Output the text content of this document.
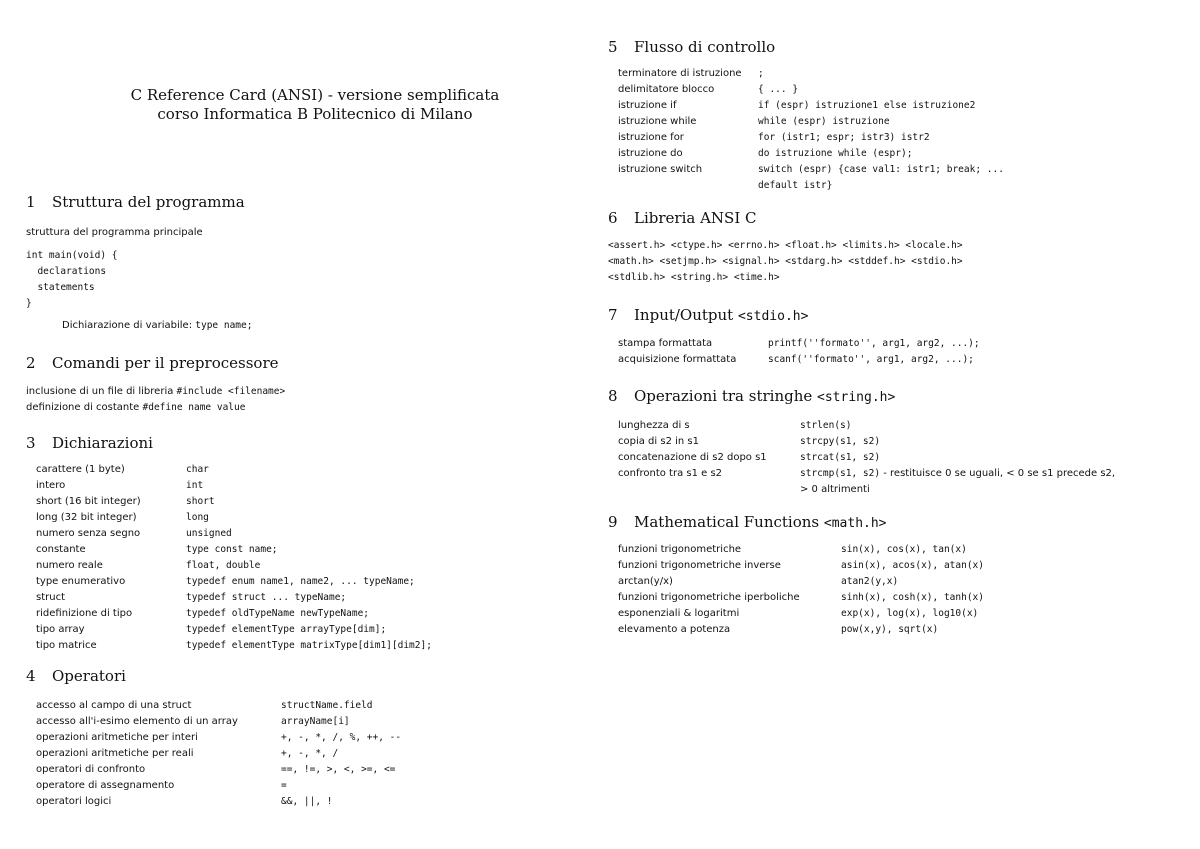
C Reference Card (ANSI) - versione semplificata
corso Informatica B Politecnico di Milano
1 Struttura del programma
struttura del programma principale
int main(void) {
declarations
statements
}
Dichiarazione di variabile: type name;
2 Comandi per il preprocessore
inclusione di un file di libreria #include <filename>
definizione di costante #define name value
3 Dichiarazioni
carattere (1 byte)	char
intero	int
short (16 bit integer)	short
long (32 bit integer)	long
numero senza segno	unsigned
constante	type const name;
numero reale	float, double
type enumerativo	typedef enum name1, name2, ... typeName;
struct	typedef struct ... typeName;
ridefinizione di tipo	typedef oldTypeName newTypeName;
tipo array	typedef elementType arrayType[dim];
tipo matrice	typedef elementType matrixType[dim1][dim2];
4 Operatori
accesso al campo di una struct	structName.field
accesso all'i-esimo elemento di un array	arrayName[i]
operazioni aritmetiche per interi	+, -, *, /, %, ++, --
operazioni aritmetiche per reali	+, -, *, /
operatori di confronto	==, !=, >, <, >=, <=
operatore di assegnamento	=
operatori logici	&&, ||, !
5 Flusso di controllo
terminatore di istruzione ;
delimitatore blocco	{ ... }
istruzione if	if (espr) istruzione1 else istruzione2
istruzione while	while (espr) istruzione
istruzione for	for (istr1; espr; istr3) istr2
istruzione do	do istruzione while (espr);
istruzione switch	switch (espr) {case val1: istr1; break; ...
default istr}
6 Libreria ANSI C
<assert.h> <ctype.h> <errno.h> <float.h> <limits.h> <locale.h>
<math.h> <setjmp.h> <signal.h> <stdarg.h> <stddef.h> <stdio.h>
<stdlib.h> <string.h> <time.h>
7 Input/Output <stdio.h>
stampa formattata	printf(''formato'', arg1, arg2, ...);
acquisizione formattata	scanf(''formato'', arg1, arg2, ...);
8 Operazioni tra stringhe <string.h>
lunghezza di s	strlen(s)
copia di s2 in s1	strcpy(s1, s2)
concatenazione di s2 dopo s1	strcat(s1, s2)
confronto tra s1 e s2	strcmp(s1, s2) - restituisce 0 se uguali, < 0 se s1 precede s2,
> 0 altrimenti
9 Mathematical Functions <math.h>
funzioni trigonometriche	sin(x), cos(x), tan(x)
funzioni trigonometriche inverse	asin(x), acos(x), atan(x)
arctan(y/x)	atan2(y,x)
funzioni trigonometriche iperboliche	sinh(x), cosh(x), tanh(x)
esponenziali & logaritmi	exp(x), log(x), log10(x)
elevamento a potenza	pow(x,y), sqrt(x)
